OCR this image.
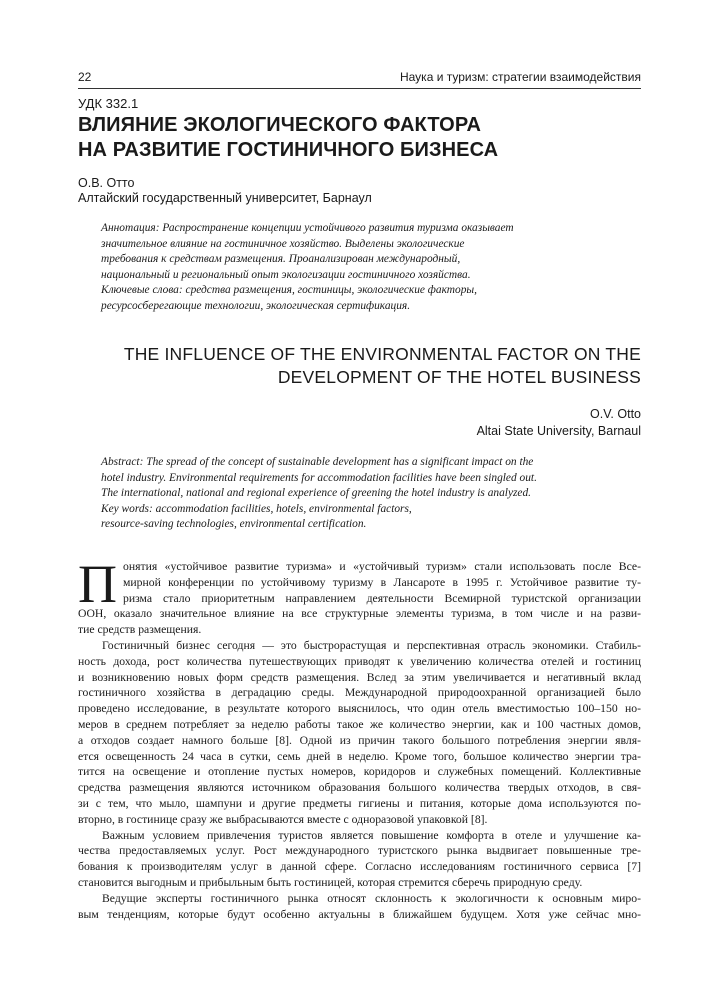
22	Наука и туризм: стратегии взаимодействия
УДК 332.1
ВЛИЯНИЕ ЭКОЛОГИЧЕСКОГО ФАКТОРА
НА РАЗВИТИЕ ГОСТИНИЧНОГО БИЗНЕСА
О.В. Отто
Алтайский государственный университет, Барнаул
Аннотация: Распространение концепции устойчивого развития туризма оказывает
значительное влияние на гостиничное хозяйство. Выделены экологические
требования к средствам размещения. Проанализирован международный,
национальный и региональный опыт экологизации гостиничного хозяйства.
Ключевые слова: средства размещения, гостиницы, экологические факторы,
ресурсосберегающие технологии, экологическая сертификация.
THE INFLUENCE OF THE ENVIRONMENTAL FACTOR ON THE
DEVELOPMENT OF THE HOTEL BUSINESS
O.V. Otto
Altai State University, Barnaul
Abstract: The spread of the concept of sustainable development has a significant impact on the
hotel industry. Environmental requirements for accommodation facilities have been singled out.
The international, national and regional experience of greening the hotel industry is analyzed.
Key words: accommodation facilities, hotels, environmental factors,
resource-saving technologies, environmental certification.
П онятия «устойчивое развитие туризма» и «устойчивый туризм» стали использовать после Все-
мирной конференции по устойчивому туризму в Лансароте в 1995 г. Устойчивое развитие ту-
ризма стало приоритетным направлением деятельности Всемирной туристской организации
ООН, оказало значительное влияние на все структурные элементы туризма, в том числе и на разви-
тие средств размещения.
Гостиничный бизнес сегодня — это быстрорастущая и перспективная отрасль экономики. Стабиль-
ность дохода, рост количества путешествующих приводят к увеличению количества отелей и гостиниц
и возникновению новых форм средств размещения. Вслед за этим увеличивается и негативный вклад
гостиничного хозяйства в деградацию среды. Международной природоохранной организацией было
проведено исследование, в результате которого выяснилось, что один отель вместимостью 100–150 но-
меров в среднем потребляет за неделю работы такое же количество энергии, как и 100 частных домов,
а отходов создает намного больше [8]. Одной из причин такого большого потребления энергии явля-
ется освещенность 24 часа в сутки, семь дней в неделю. Кроме того, большое количество энергии тра-
тится на освещение и отопление пустых номеров, коридоров и служебных помещений. Коллективные
средства размещения являются источником образования большого количества твердых отходов, в свя-
зи с тем, что мыло, шампуни и другие предметы гигиены и питания, которые дома используются по-
вторно, в гостинице сразу же выбрасываются вместе с одноразовой упаковкой [8].
Важным условием привлечения туристов является повышение комфорта в отеле и улучшение ка-
чества предоставляемых услуг. Рост международного туристского рынка выдвигает повышенные тре-
бования к производителям услуг в данной сфере. Согласно исследованиям гостиничного сервиса [7]
становится выгодным и прибыльным быть гостиницей, которая стремится сберечь природную среду.
Ведущие эксперты гостиничного рынка относят склонность к экологичности к основным миро-
вым тенденциям, которые будут особенно актуальны в ближайшем будущем. Хотя уже сейчас мно-
